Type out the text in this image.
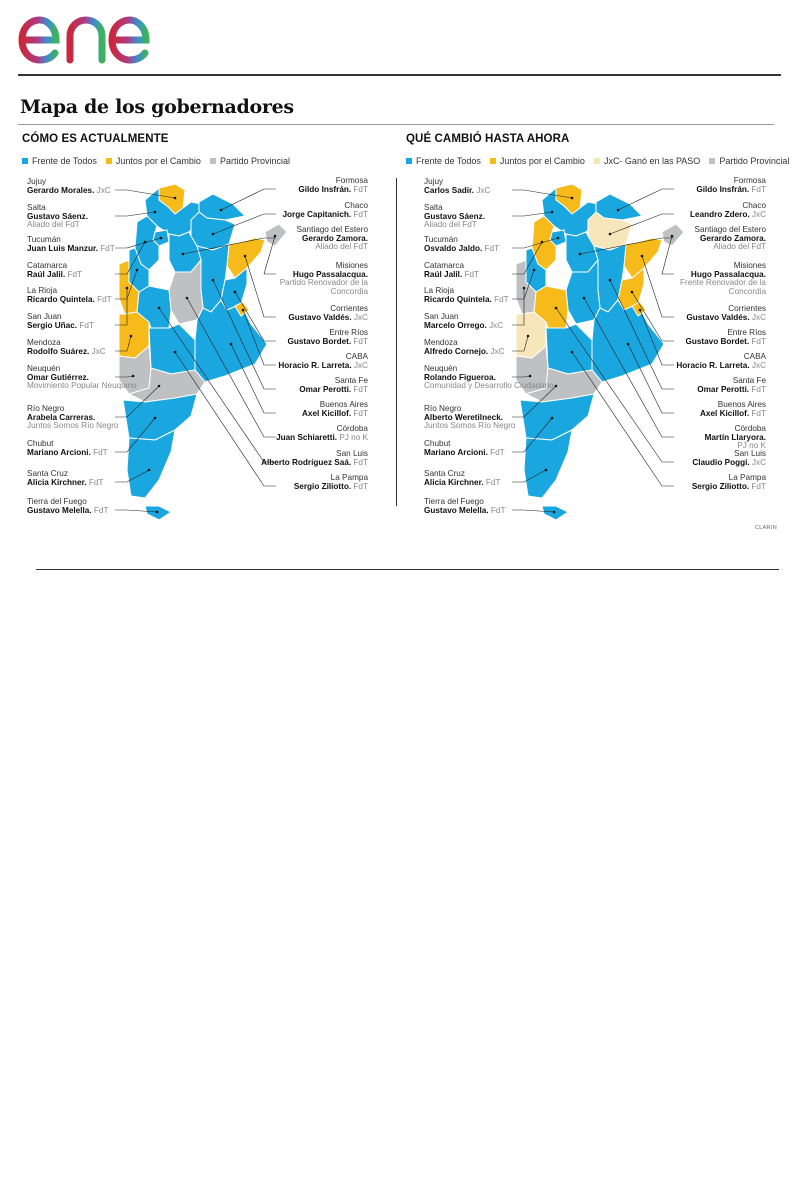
Mapa de los gobernadores
CÓMO ES ACTUALMENTE
Frente de Todos Juntos por el Cambio Partido Provincial
QUÉ CAMBIÓ HASTA AHORA
Frente de Todos Juntos por el Cambio JxC- Ganó en las PASO Partido Provincial
Jujuy
Gerardo Morales. JxC
Salta
Gustavo Sáenz.
Aliado del FdT
Tucumán
Juan Luis Manzur. FdT
Catamarca
Raúl Jalil. FdT
La Rioja
Ricardo Quintela. FdT
San Juan
Sergio Uñac. FdT
Mendoza
Rodolfo Suárez. JxC
Neuquén
Omar Gutiérrez.
Movimiento Popular Neuquino
Río Negro
Arabela Carreras.
Juntos Somos Río Negro
Chubut
Mariano Arcioni. FdT
Santa Cruz
Alicia Kirchner. FdT
Tierra del Fuego
Gustavo Melella. FdT
Formosa
Gildo Insfrán. FdT
Chaco
Jorge Capitanich. FdT
Santiago del Estero
Gerardo Zamora.
Aliado del FdT
Misiones
Hugo Passalacqua.
Partido Renovador de la Concordia
Corrientes
Gustavo Valdés. JxC
Entre Ríos
Gustavo Bordet. FdT
CABA
Horacio R. Larreta. JxC
Santa Fe
Omar Perotti. FdT
Buenos Aires
Axel Kicillof. FdT
Córdoba
Juan Schiaretti. PJ no K
San Luis
Alberto Rodríguez Saá. FdT
La Pampa
Sergio Ziliotto. FdT
Jujuy
Carlos Sadir. JxC
Salta
Gustavo Sáenz.
Aliado del FdT
Tucumán
Osvaldo Jaldo. FdT
Catamarca
Raúl Jalil. FdT
La Rioja
Ricardo Quintela. FdT
San Juan
Marcelo Orrego. JxC
Mendoza
Alfredo Cornejo. JxC
Neuquén
Rolando Figueroa.
Comunidad y Desarrollo Ciudadano
Río Negro
Alberto Weretilneck.
Juntos Somos Río Negro
Chubut
Mariano Arcioni. FdT
Santa Cruz
Alicia Kirchner. FdT
Tierra del Fuego
Gustavo Melella. FdT
Formosa
Gildo Insfrán. FdT
Chaco
Leandro Zdero. JxC
Santiago del Estero
Gerardo Zamora.
Aliado del FdT
Misiones
Hugo Passalacqua.
Frente Renovador de la Concordia
Corrientes
Gustavo Valdés. JxC
Entre Ríos
Gustavo Bordet. FdT
CABA
Horacio R. Larreta. JxC
Santa Fe
Omar Perotti. FdT
Buenos Aires
Axel Kicillof. FdT
Córdoba
Martín Llaryora.
PJ no K
San Luis
Claudio Poggi. JxC
La Pampa
Sergio Ziliotto. FdT
CLARIN
